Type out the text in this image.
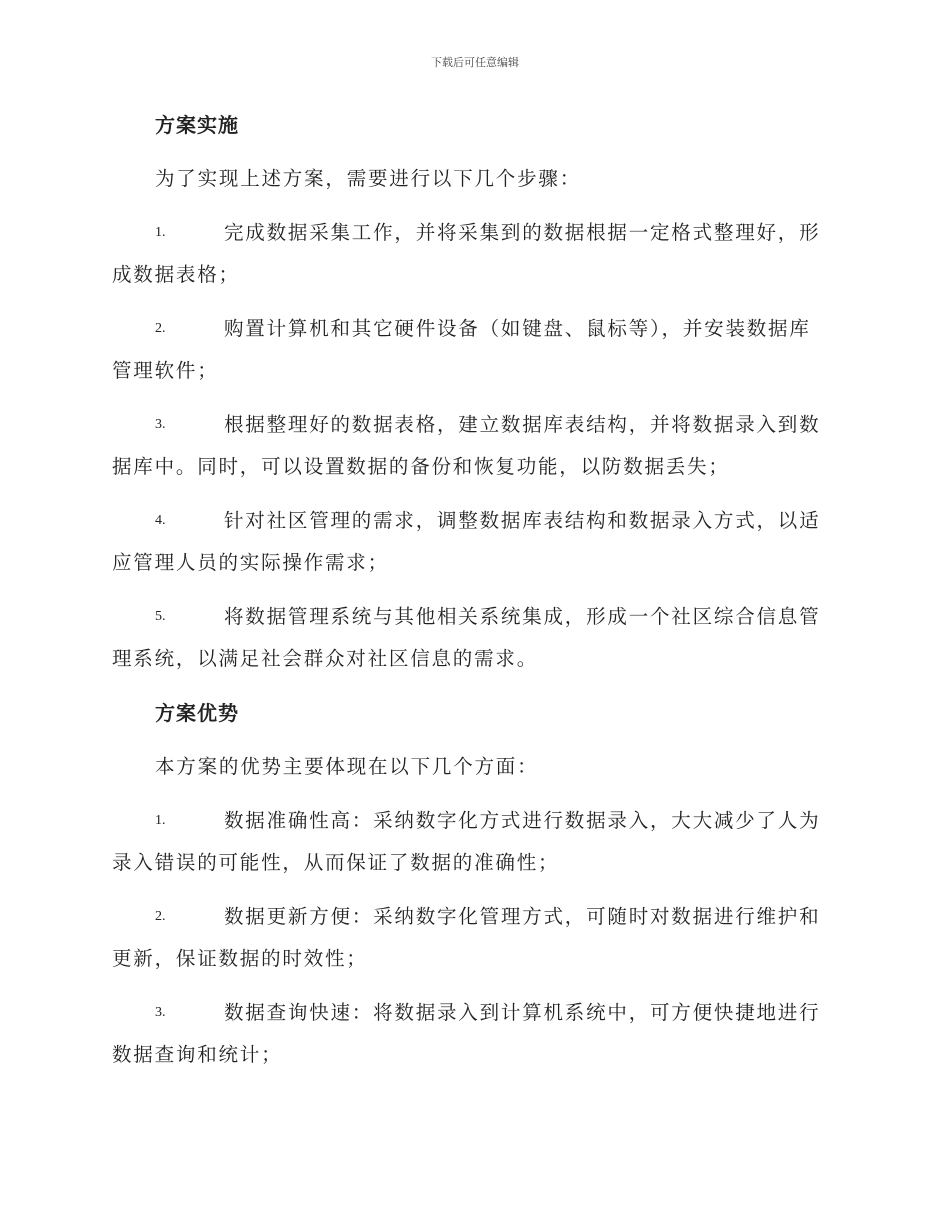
下载后可任意编辑
方案实施
为了实现上述方案，需要进行以下几个步骤：
1.	完成数据采集工作，并将采集到的数据根据一定格式整理好，形
成数据表格；
2.	购置计算机和其它硬件设备（如键盘、鼠标等），并安装数据库
管理软件；
3.	根据整理好的数据表格，建立数据库表结构，并将数据录入到数
据库中。同时，可以设置数据的备份和恢复功能，以防数据丢失；
4.	针对社区管理的需求，调整数据库表结构和数据录入方式，以适
应管理人员的实际操作需求；
5.	将数据管理系统与其他相关系统集成，形成一个社区综合信息管
理系统，以满足社会群众对社区信息的需求。
方案优势
本方案的优势主要体现在以下几个方面：
1.	数据准确性高：采纳数字化方式进行数据录入，大大减少了人为
录入错误的可能性，从而保证了数据的准确性；
2.	数据更新方便：采纳数字化管理方式，可随时对数据进行维护和
更新，保证数据的时效性；
3.	数据查询快速：将数据录入到计算机系统中，可方便快捷地进行
数据查询和统计；
